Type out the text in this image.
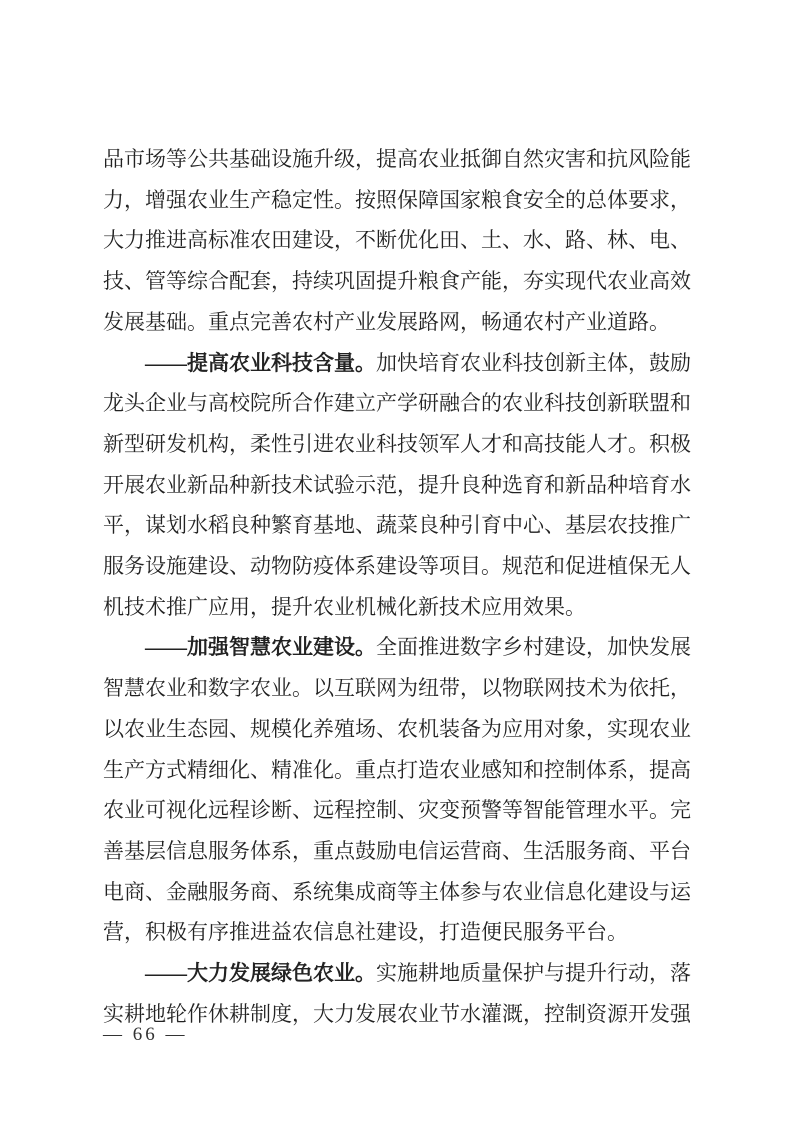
品市场等公共基础设施升级，提高农业抵御自然灾害和抗风险能力，增强农业生产稳定性。按照保障国家粮食安全的总体要求，大力推进高标准农田建设，不断优化田、土、水、路、林、电、技、管等综合配套，持续巩固提升粮食产能，夯实现代农业高效发展基础。重点完善农村产业发展路网，畅通农村产业道路。

——提高农业科技含量。加快培育农业科技创新主体，鼓励龙头企业与高校院所合作建立产学研融合的农业科技创新联盟和新型研发机构，柔性引进农业科技领军人才和高技能人才。积极开展农业新品种新技术试验示范，提升良种选育和新品种培育水平，谋划水稻良种繁育基地、蔬菜良种引育中心、基层农技推广服务设施建设、动物防疫体系建设等项目。规范和促进植保无人机技术推广应用，提升农业机械化新技术应用效果。

——加强智慧农业建设。全面推进数字乡村建设，加快发展智慧农业和数字农业。以互联网为纽带，以物联网技术为依托，以农业生态园、规模化养殖场、农机装备为应用对象，实现农业生产方式精细化、精准化。重点打造农业感知和控制体系，提高农业可视化远程诊断、远程控制、灾变预警等智能管理水平。完善基层信息服务体系，重点鼓励电信运营商、生活服务商、平台电商、金融服务商、系统集成商等主体参与农业信息化建设与运营，积极有序推进益农信息社建设，打造便民服务平台。

——大力发展绿色农业。实施耕地质量保护与提升行动，落实耕地轮作休耕制度，大力发展农业节水灌溉，控制资源开发强

— 66 —
